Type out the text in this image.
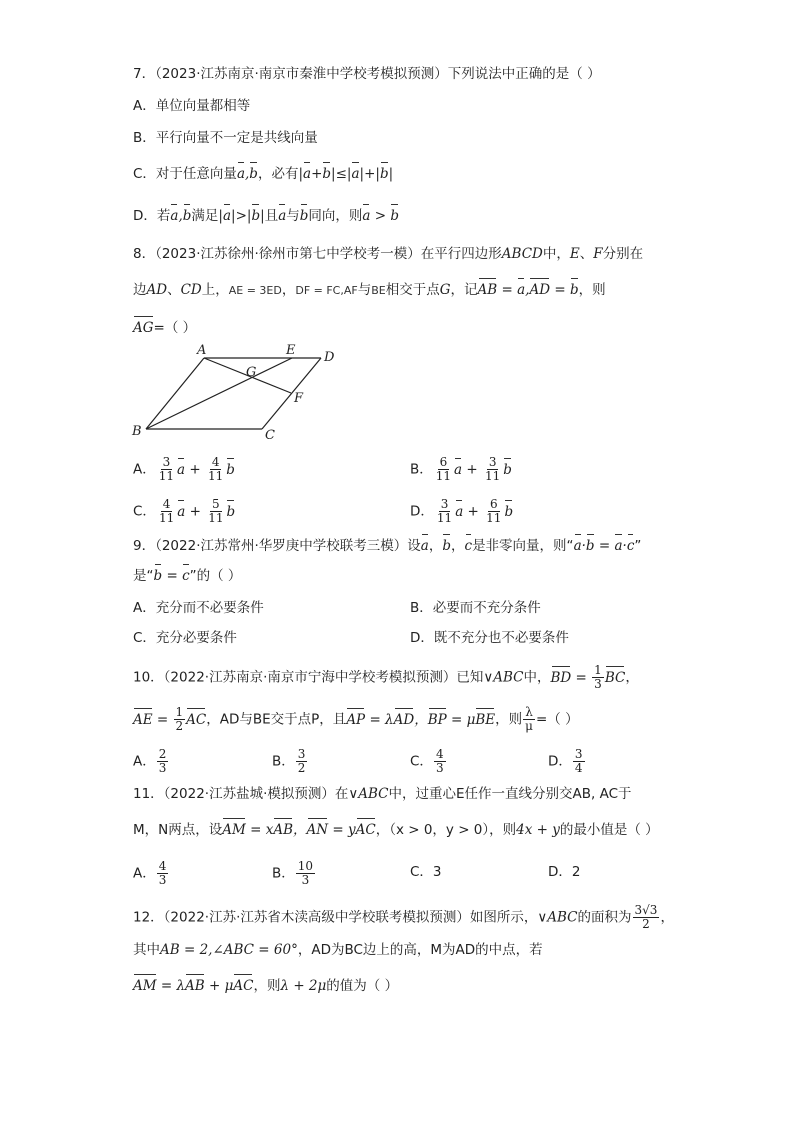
7．（2023·江苏南京·南京市秦淮中学校考模拟预测）下列说法中正确的是（ ）
A．单位向量都相等
B．平行向量不一定是共线向量
C．对于任意向量a,b，必有|a+b|≤|a|+|b|
D．若a,b满足|a|>|b|且a与b同向，则a > b
8．（2023·江苏徐州·徐州市第七中学校考一模）在平行四边形ABCD中，E、F分别在
边AD、CD上，AE = 3ED，DF = FC,AF与BE相交于点G，记AB = a,AD = b，则
AG=（ ）
A	E D
G
F
B	C
A． $\frac{3}{11}$ $a + \frac{4}{11}$ b	B． $\frac{6}{11}$ $a + \frac{3}{11}$ b
C． $\frac{4}{11}$ $a + \frac{5}{11}$ b	D． $\frac{3}{11}$ $a + \frac{6}{11}$ b
9．（2022·江苏常州·华罗庚中学校联考三模）设a，b，c是非零向量，则“a·b = a·c”
是“b = c”的（ ）
A．充分而不必要条件	B．必要而不充分条件
C．充分必要条件	D．既不充分也不必要条件
10．（2022·江苏南京·南京市宁海中学校考模拟预测）已知∨ABC中，BD = $\frac{1}{3}$ BC，
AE = $\frac{1}{2}$ AC，AD与BE交于点P，且AP = λAD，BP = μBE，则 $\frac{\lambda}{\mu}$ =（ ）
A． $\frac{2}{3}$	B． $\frac{3}{2}$	C． $\frac{4}{3}$	D． $\frac{3}{4}$
11．（2022·江苏盐城·模拟预测）在∨ABC中，过重心E任作一直线分别交AB, AC于
M，N两点，设AM = xAB，AN = yAC，（x > 0，y > 0），则4x + y的最小值是（ ）
A． $\frac{4}{3}$	B． $\frac{10}{3}$	C．3	D．2
12．（2022·江苏·江苏省木渎高级中学校联考模拟预测）如图所示，∨ABC的面积为 $\frac{3√3}{2}$ ，
其中AB = 2,∠ABC = 60°，AD为BC边上的高，M为AD的中点，若
AM = λAB + μAC，则λ + 2μ的值为（ ）
